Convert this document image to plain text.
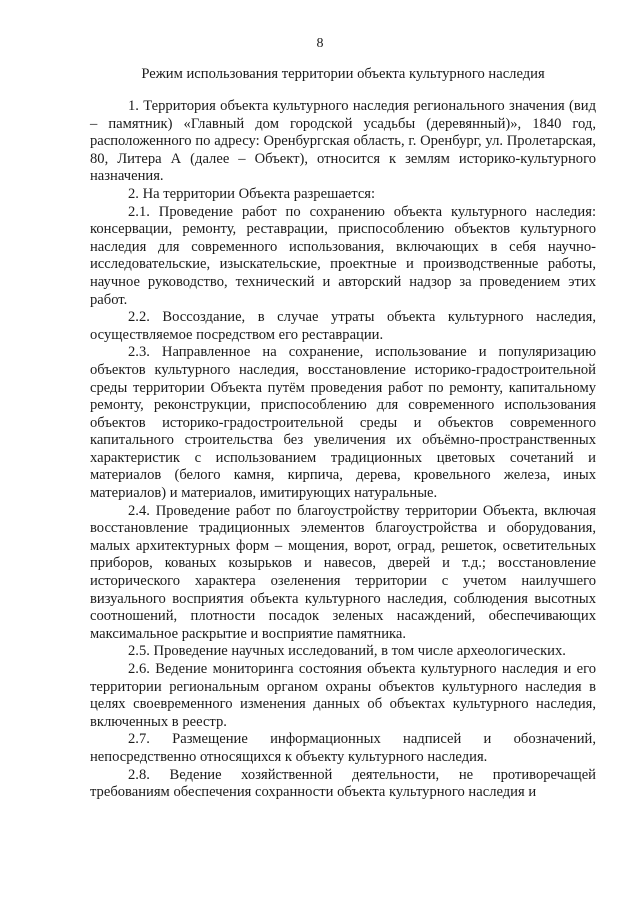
8
Режим использования территории объекта культурного наследия

1. Территория объекта культурного наследия регионального значения (вид – памятник) «Главный дом городской усадьбы (деревянный)», 1840 год, расположенного по адресу: Оренбургская область, г. Оренбург, ул. Пролетарская, 80, Литера А (далее – Объект), относится к землям историко-культурного назначения.

2. На территории Объекта разрешается:

2.1. Проведение работ по сохранению объекта культурного наследия: консервации, ремонту, реставрации, приспособлению объектов культурного наследия для современного использования, включающих в себя научно-исследовательские, изыскательские, проектные и производственные работы, научное руководство, технический и авторский надзор за проведением этих работ.

2.2. Воссоздание, в случае утраты объекта культурного наследия, осуществляемое посредством его реставрации.

2.3. Направленное на сохранение, использование и популяризацию объектов культурного наследия, восстановление историко-градостроительной среды территории Объекта путём проведения работ по ремонту, капитальному ремонту, реконструкции, приспособлению для современного использования объектов историко-градостроительной среды и объектов современного капитального строительства без увеличения их объёмно-пространственных характеристик с использованием традиционных цветовых сочетаний и материалов (белого камня, кирпича, дерева, кровельного железа, иных материалов) и материалов, имитирующих натуральные.

2.4. Проведение работ по благоустройству территории Объекта, включая восстановление традиционных элементов благоустройства и оборудования, малых архитектурных форм – мощения, ворот, оград, решеток, осветительных приборов, кованых козырьков и навесов, дверей и т.д.; восстановление исторического характера озеленения территории с учетом наилучшего визуального восприятия объекта культурного наследия, соблюдения высотных соотношений, плотности посадок зеленых насаждений, обеспечивающих максимальное раскрытие и восприятие памятника.

2.5. Проведение научных исследований, в том числе археологических.

2.6. Ведение мониторинга состояния объекта культурного наследия и его территории региональным органом охраны объектов культурного наследия в целях своевременного изменения данных об объектах культурного наследия, включенных в реестр.

2.7. Размещение информационных надписей и обозначений, непосредственно относящихся к объекту культурного наследия.

2.8. Ведение хозяйственной деятельности, не противоречащей требованиям обеспечения сохранности объекта культурного наследия и
